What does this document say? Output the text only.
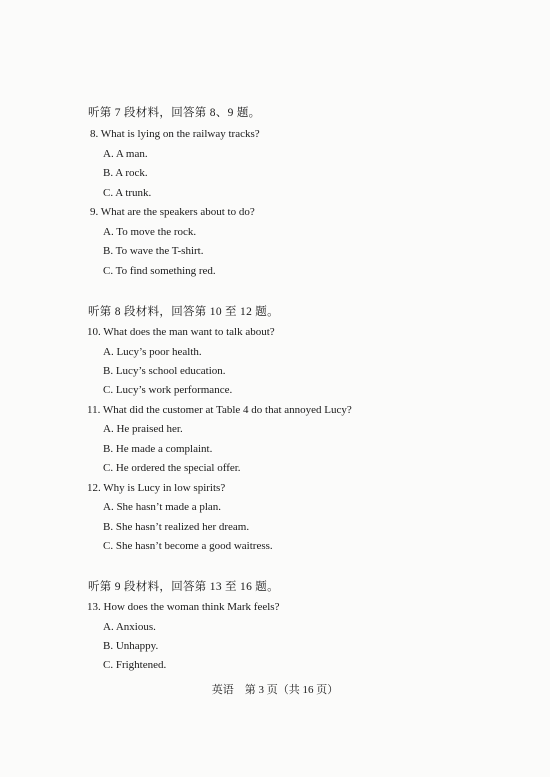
听第 7 段材料，回答第 8、9 题。
8. What is lying on the railway tracks?
A. A man.
B. A rock.
C. A trunk.
9. What are the speakers about to do?
A. To move the rock.
B. To wave the T-shirt.
C. To find something red.
听第 8 段材料，回答第 10 至 12 题。
10. What does the man want to talk about?
A. Lucy’s poor health.
B. Lucy’s school education.
C. Lucy’s work performance.
11. What did the customer at Table 4 do that annoyed Lucy?
A. He praised her.
B. He made a complaint.
C. He ordered the special offer.
12. Why is Lucy in low spirits?
A. She hasn’t made a plan.
B. She hasn’t realized her dream.
C. She hasn’t become a good waitress.
听第 9 段材料，回答第 13 至 16 题。
13. How does the woman think Mark feels?
A. Anxious.
B. Unhappy.
C. Frightened.
英语　第 3 页（共 16 页）
